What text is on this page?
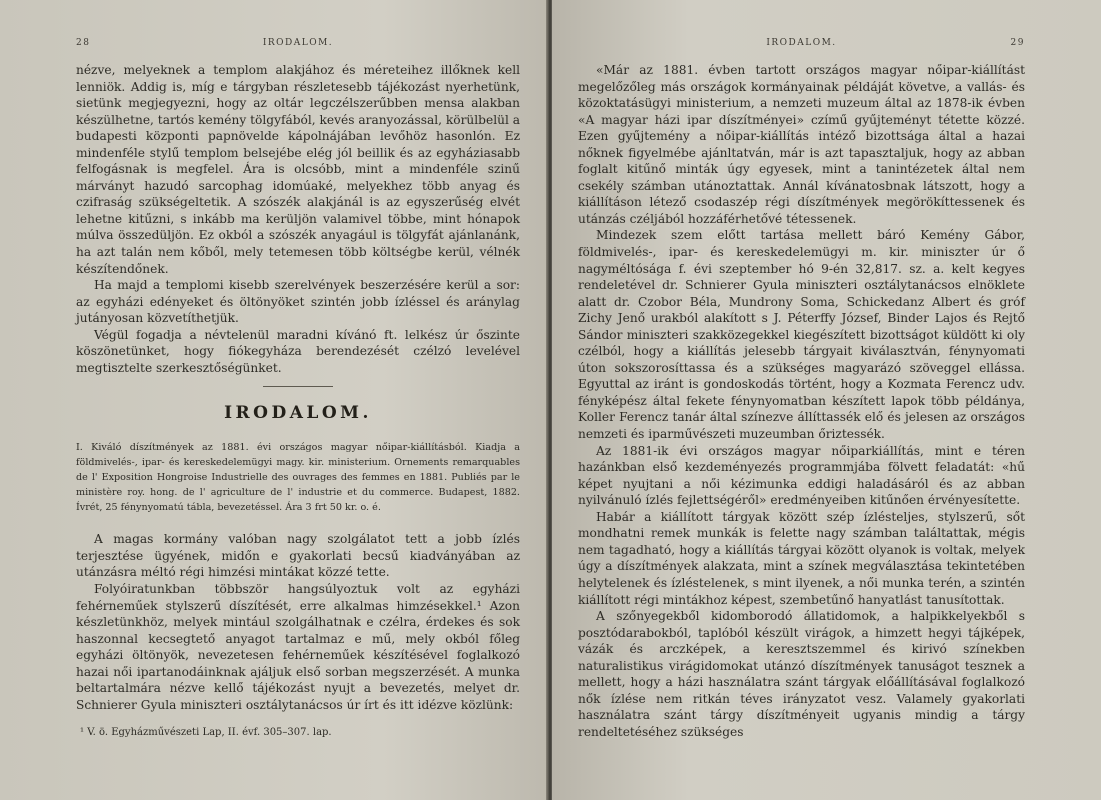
28	IRODALOM.

nézve, melyeknek a templom alakjához és méreteihez illőknek kell lenniök. Addig is, míg e tárgyban részletesebb tájékozást nyerhetünk, sietünk megjegyezni, hogy az oltár legczélszerűbben mensa alakban készülhetne, tartós kemény tölgyfából, kevés aranyozással, körülbelül a budapesti központi papnövelde kápolnájában levőhöz hasonlón. Ez mindenféle stylű templom belsejébe elég jól beillik és az egyháziasabb felfogásnak is megfelel. Ára is olcsóbb, mint a mindenféle szinű márványt hazudó sarcophag idomúaké, melyekhez több anyag és czifraság szükségeltetik. A szószék alakjánál is az egyszerűség elvét lehetne kitűzni, s inkább ma kerüljön valamivel többe, mint hónapok múlva összedüljön. Ez okból a szószék anyagául is tölgyfát ajánlanánk, ha azt talán nem kőből, mely tetemesen több költségbe kerül, vélnék készítendőnek.

Ha majd a templomi kisebb szerelvények beszerzésére kerül a sor: az egyházi edényeket és öltönyöket szintén jobb ízléssel és aránylag jutányosan közvetíthetjük.

Végül fogadja a névtelenül maradni kívánó ft. lelkész úr őszinte köszönetünket, hogy fiókegyháza berendezését czélzó levelével megtisztelte szerkesztőségünket.

IRODALOM.

I. Kiváló díszítmények az 1881. évi országos magyar nőipar-kiállításból. Kiadja a földmivelés-, ipar- és kereskedelemügyi magy. kir. ministerium. Ornements remarquables de l' Exposition Hongroise Industrielle des ouvrages des femmes en 1881. Publiés par le ministère roy. hong. de l' agriculture de l' industrie et du commerce. Budapest, 1882. Ívrét, 25 fénynyomatú tábla, bevezetéssel. Ára 3 frt 50 kr. o. é.

A magas kormány valóban nagy szolgálatot tett a jobb ízlés terjesztése ügyének, midőn e gyakorlati becsű kiadványában az utánzásra méltó régi himzési mintákat közzé tette.

Folyóiratunkban többször hangsúlyoztuk volt az egyházi fehérneműek stylszerű díszítését, erre alkalmas himzésekkel.¹ Azon készletünkhöz, melyek mintául szolgálhatnak e czélra, érdekes és sok haszonnal kecsegtető anyagot tartalmaz e mű, mely okból főleg egyházi öltönyök, nevezetesen fehérneműek készítésével foglalkozó hazai női ipartanodáinknak ajáljuk első sorban megszerzését. A munka beltartalmára nézve kellő tájékozást nyujt a bevezetés, melyet dr. Schnierer Gyula miniszteri osztálytanácsos úr írt és itt idézve közlünk:

¹ V. ö. Egyházművészeti Lap, II. évf. 305–307. lap.
IRODALOM.	29

«Már az 1881. évben tartott országos magyar nőipar-kiállítást megelőzőleg más országok kormányainak példáját követve, a vallás- és közoktatásügyi ministerium, a nemzeti muzeum által az 1878-ik évben «A magyar házi ipar díszítményei» czímű gyűjteményt tétette közzé. Ezen gyűjtemény a nőipar-kiállítás intéző bizottsága által a hazai nőknek figyelmébe ajánltatván, már is azt tapasztaljuk, hogy az abban foglalt kitűnő minták úgy egyesek, mint a tanintézetek által nem csekély számban utánoztattak. Annál kívánatosbnak látszott, hogy a kiállításon létező csodaszép régi díszítmények megörökíttessenek és utánzás czéljából hozzáférhetővé tétessenek.

Mindezek szem előtt tartása mellett báró Kemény Gábor, földmivelés-, ipar- és kereskedelemügyi m. kir. miniszter úr ő nagyméltósága f. évi szeptember hó 9-én 32,817. sz. a. kelt kegyes rendeletével dr. Schnierer Gyula miniszteri osztálytanácsos elnöklete alatt dr. Czobor Béla, Mundrony Soma, Schickedanz Albert és gróf Zichy Jenő urakból alakított s J. Péterffy József, Binder Lajos és Rejtő Sándor miniszteri szakközegekkel kiegészített bizottságot küldött ki oly czélból, hogy a kiállítás jelesebb tárgyait kiválasztván, fénynyomati úton sokszorosíttassa és a szükséges magyarázó szöveggel ellássa. Egyuttal az iránt is gondoskodás történt, hogy a Kozmata Ferencz udv. fényképész által fekete fénynyomatban készített lapok több példánya, Koller Ferencz tanár által színezve állíttassék elő és jelesen az országos nemzeti és iparművészeti muzeumban őriztessék.

Az 1881-ik évi országos magyar nőiparkiállítás, mint e téren hazánkban első kezdeményezés programmjába fölvett feladatát: «hű képet nyujtani a női kézimunka eddigi haladásáról és az abban nyilvánuló ízlés fejlettségéről» eredményeiben kitűnően érvényesítette.

Habár a kiállított tárgyak között szép ízlésteljes, stylszerű, sőt mondhatni remek munkák is felette nagy számban találtattak, mégis nem tagadható, hogy a kiállítás tárgyai között olyanok is voltak, melyek úgy a díszítmények alakzata, mint a színek megválasztása tekintetében helytelenek és ízléstelenek, s mint ilyenek, a női munka terén, a szintén kiállított régi mintákhoz képest, szembetűnő hanyatlást tanusítottak.

A szőnyegekből kidomborodó állatidomok, a halpikkelyekből s posztódarabokból, taplóból készült virágok, a himzett hegyi tájképek, vázák és arczképek, a keresztszemmel és kirivó színekben naturalistikus virágidomokat utánzó díszítmények tanuságot tesznek a mellett, hogy a házi használatra szánt tárgyak előállításával foglalkozó nők ízlése nem ritkán téves irányzatot vesz. Valamely gyakorlati használatra szánt tárgy díszítményeit ugyanis mindig a tárgy rendeltetéséhez szükséges
